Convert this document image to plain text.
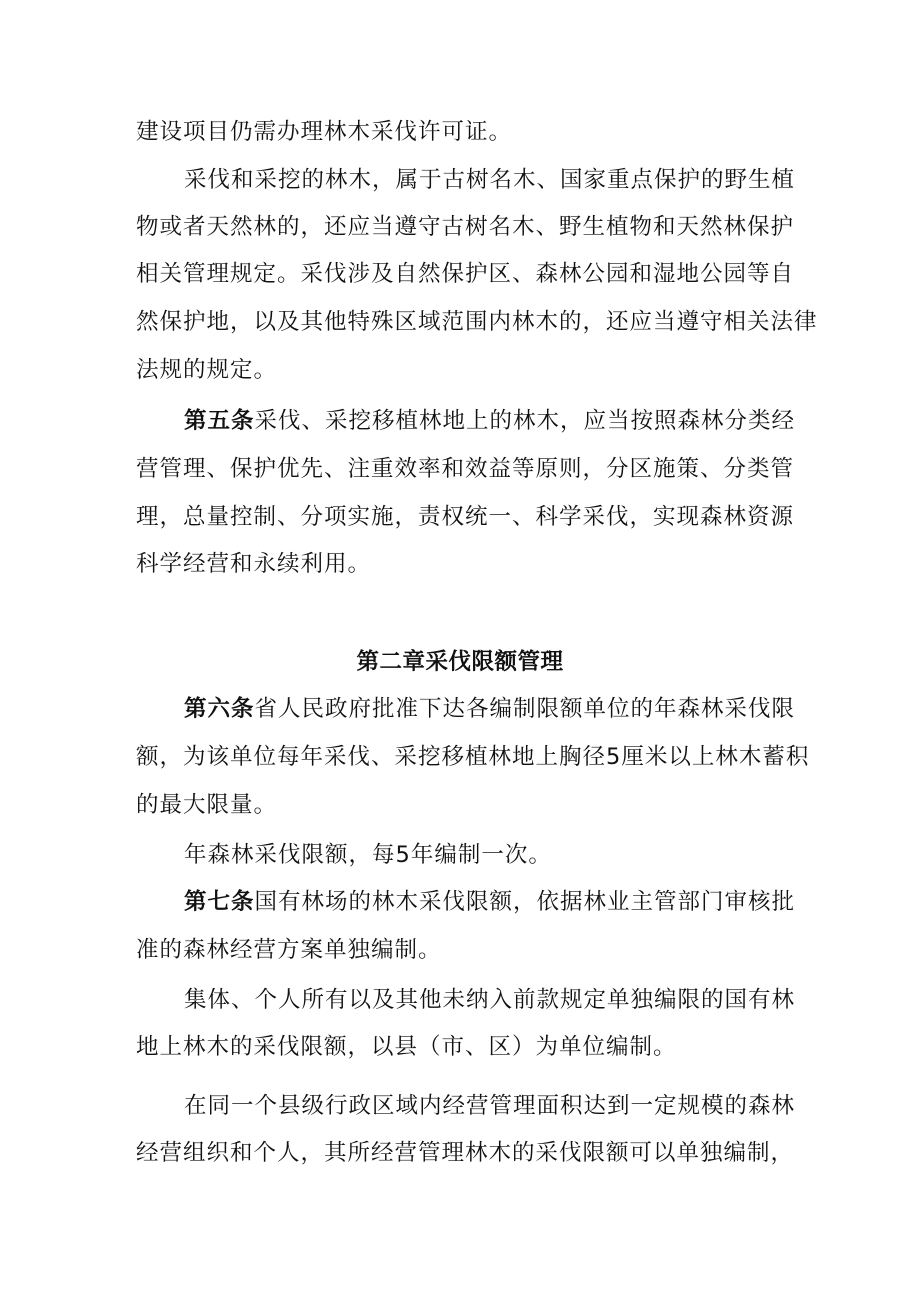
建设项目仍需办理林木采伐许可证。
采伐和采挖的林木，属于古树名木、国家重点保护的野生植
物或者天然林的，还应当遵守古树名木、野生植物和天然林保护
相关管理规定。采伐涉及自然保护区、森林公园和湿地公园等自
然保护地，以及其他特殊区域范围内林木的，还应当遵守相关法律
法规的规定。
第五条采伐、采挖移植林地上的林木，应当按照森林分类经
营管理、保护优先、注重效率和效益等原则，分区施策、分类管
理，总量控制、分项实施，责权统一、科学采伐，实现森林资源
科学经营和永续利用。
第二章采伐限额管理
第六条省人民政府批准下达各编制限额单位的年森林采伐限
额，为该单位每年采伐、采挖移植林地上胸径5厘米以上林木蓄积
的最大限量。
年森林采伐限额，每5年编制一次。
第七条国有林场的林木采伐限额，依据林业主管部门审核批
准的森林经营方案单独编制。
集体、个人所有以及其他未纳入前款规定单独编限的国有林
地上林木的采伐限额，以县（市、区）为单位编制。
在同一个县级行政区域内经营管理面积达到一定规模的森林
经营组织和个人，其所经营管理林木的采伐限额可以单独编制，
